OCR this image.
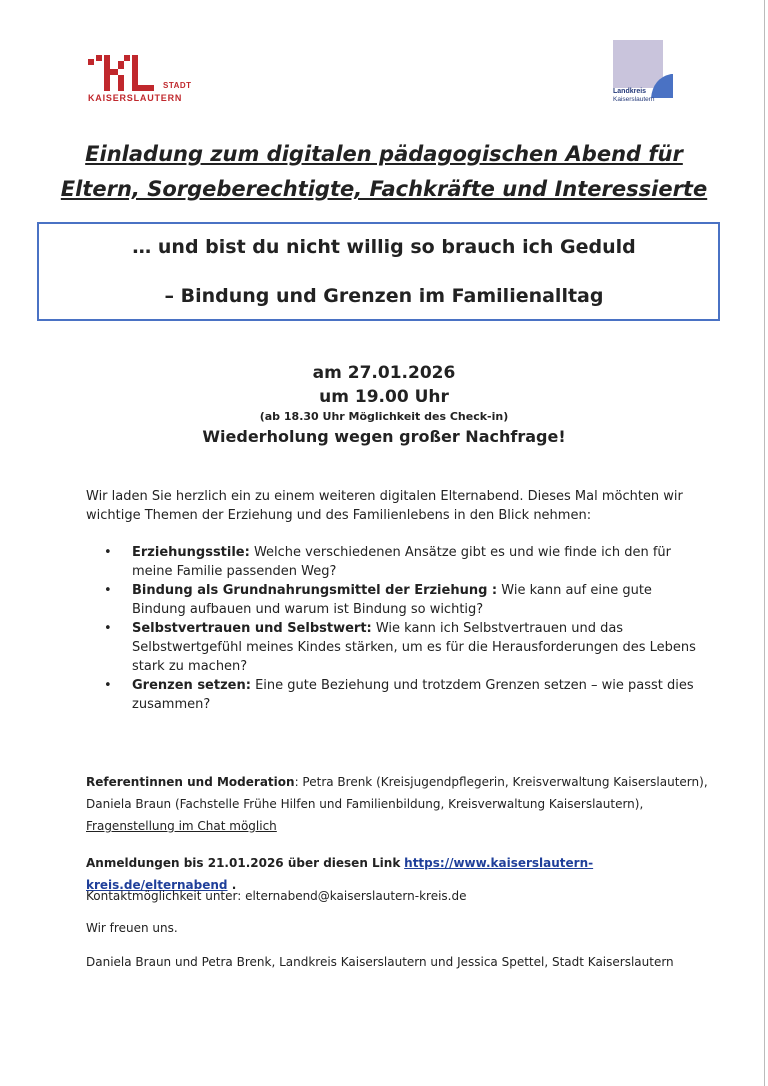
STADT
KAISERSLAUTERN
Landkreis
Kaiserslautern
Einladung zum digitalen pädagogischen Abend für
Eltern, Sorgeberechtigte, Fachkräfte und Interessierte
… und bist du nicht willig so brauch ich Geduld
– Bindung und Grenzen im Familienalltag
am 27.01.2026
um 19.00 Uhr
(ab 18.30 Uhr Möglichkeit des Check-in)
Wiederholung wegen großer Nachfrage!
Wir laden Sie herzlich ein zu einem weiteren digitalen Elternabend. Dieses Mal möchten wir wichtige Themen der Erziehung und des Familienlebens in den Blick nehmen:
• Erziehungsstile: Welche verschiedenen Ansätze gibt es und wie finde ich den für meine Familie passenden Weg?
• Bindung als Grundnahrungsmittel der Erziehung : Wie kann auf eine gute Bindung aufbauen und warum ist Bindung so wichtig?
• Selbstvertrauen und Selbstwert: Wie kann ich Selbstvertrauen und das Selbstwertgefühl meines Kindes stärken, um es für die Herausforderungen des Lebens stark zu machen?
• Grenzen setzen: Eine gute Beziehung und trotzdem Grenzen setzen – wie passt dies zusammen?
Referentinnen und Moderation: Petra Brenk (Kreisjugendpflegerin, Kreisverwaltung Kaiserslautern), Daniela Braun (Fachstelle Frühe Hilfen und Familienbildung, Kreisverwaltung Kaiserslautern),
Fragenstellung im Chat möglich
Anmeldungen bis 21.01.2026 über diesen Link https://www.kaiserslautern-kreis.de/elternabend .
Kontaktmöglichkeit unter: elternabend@kaiserslautern-kreis.de
Wir freuen uns.
Daniela Braun und Petra Brenk, Landkreis Kaiserslautern und Jessica Spettel, Stadt Kaiserslautern
